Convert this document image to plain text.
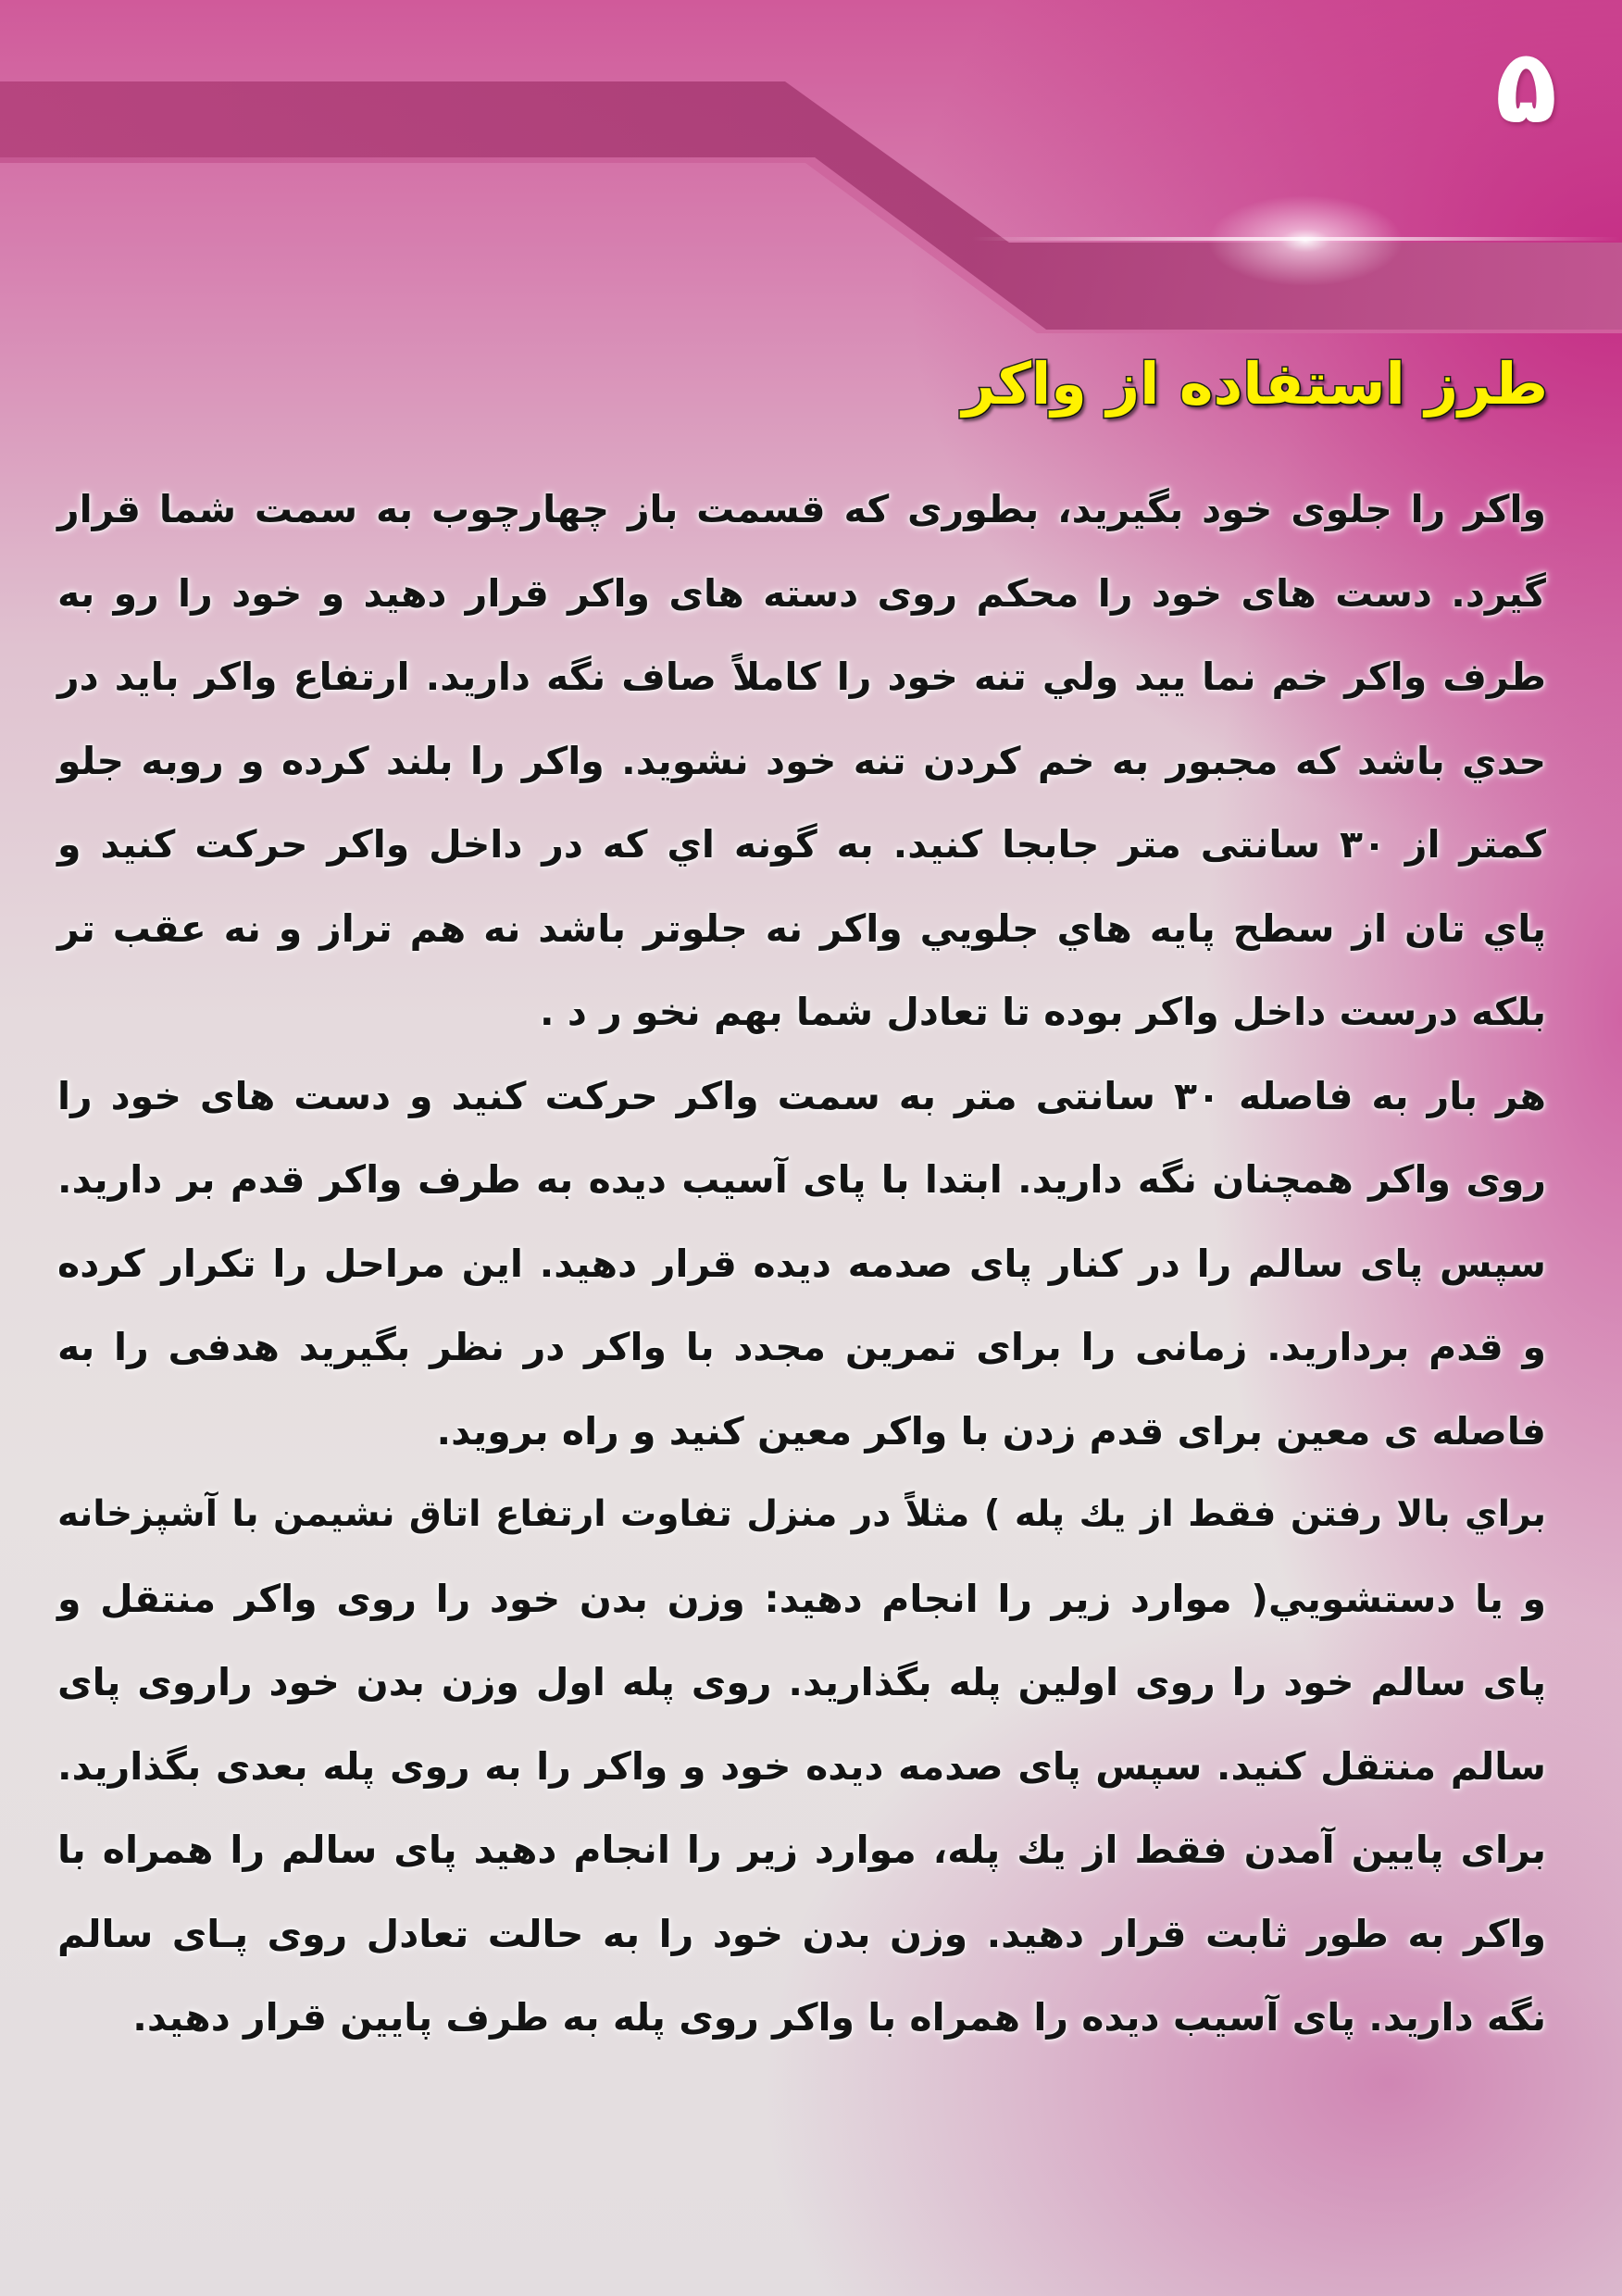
۵
طرز استفاده از واکر
واکر را جلوی خود بگیرید، بطوری که قسمت باز چهارچوب به سمت شما قرار
گیرد. دست های خود را محکم روی دسته های واکر قرار دهید و خود را رو به
طرف واکر خم نما یید ولي تنه خود را کاملاً صاف نگه دارید. ارتفاع واکر باید در
حدي باشد که مجبور به خم کردن تنه خود نشوید. واکر را بلند کرده و روبه جلو
کمتر از ۳۰ سانتی متر جابجا کنید. به گونه اي که در داخل واکر حرکت کنید و
پاي تان از سطح پایه هاي جلویي واکر نه جلوتر باشد نه هم تراز و نه عقب تر
بلکه درست داخل واکر بوده تا تعادل شما بهم نخو ر د .
هر بار به فاصله ۳۰ سانتی متر به سمت واکر حرکت کنید و دست های خود را
روی واکر همچنان نگه دارید. ابتدا با پای آسیب دیده به طرف واکر قدم بر دارید.
سپس پای سالم را در کنار پای صدمه دیده قرار دهید. این مراحل را تکرار کرده
و قدم بردارید. زمانی را برای تمرین مجدد با واکر در نظر بگیرید هدفی را به
فاصله ی معین برای قدم زدن با واکر معین کنید و راه بروید.
براي بالا رفتن فقط از يك پله ) مثلاً در منزل تفاوت ارتفاع اتاق نشیمن با آشپزخانه
و یا دستشويي( موارد زیر را انجام دهید: وزن بدن خود را روی واکر منتقل و
پای سالم خود را روی اولین پله بگذارید. روی پله اول وزن بدن خود راروی پای
سالم منتقل کنید. سپس پای صدمه دیده خود و واکر را به روی پله بعدی بگذارید.
برای پایین آمدن فقط از يك پله، موارد زیر را انجام دهید پای سالم را همراه با
واکر به طور ثابت قرار دهید. وزن بدن خود را به حالت تعادل روی پـای سالم
نگه دارید. پای آسیب دیده را همراه با واکر روی پله به طرف پایین قرار دهید.
